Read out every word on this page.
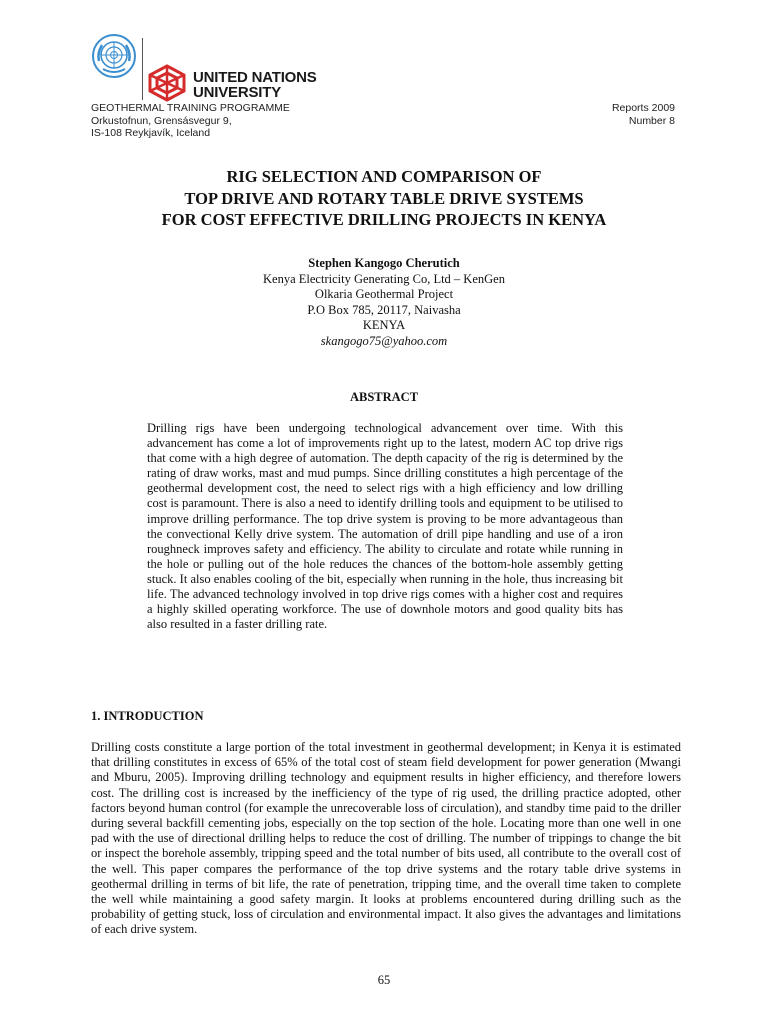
UNITED NATIONS
UNIVERSITY
GEOTHERMAL TRAINING PROGRAMME
Orkustofnun, Grensásvegur 9,
IS-108 Reykjavík, Iceland
Reports 2009
Number 8
RIG SELECTION AND COMPARISON OF
TOP DRIVE AND ROTARY TABLE DRIVE SYSTEMS
FOR COST EFFECTIVE DRILLING PROJECTS IN KENYA
Stephen Kangogo Cherutich
Kenya Electricity Generating Co, Ltd – KenGen
Olkaria Geothermal Project
P.O Box 785, 20117, Naivasha
KENYA
skangogo75@yahoo.com
ABSTRACT
Drilling rigs have been undergoing technological advancement over time. With this advancement has come a lot of improvements right up to the latest, modern AC top drive rigs that come with a high degree of automation. The depth capacity of the rig is determined by the rating of draw works, mast and mud pumps. Since drilling constitutes a high percentage of the geothermal development cost, the need to select rigs with a high efficiency and low drilling cost is paramount. There is also a need to identify drilling tools and equipment to be utilised to improve drilling performance. The top drive system is proving to be more advantageous than the convectional Kelly drive system. The automation of drill pipe handling and use of a iron roughneck improves safety and efficiency. The ability to circulate and rotate while running in the hole or pulling out of the hole reduces the chances of the bottom-hole assembly getting stuck. It also enables cooling of the bit, especially when running in the hole, thus increasing bit life. The advanced technology involved in top drive rigs comes with a higher cost and requires a highly skilled operating workforce. The use of downhole motors and good quality bits has also resulted in a faster drilling rate.
1. INTRODUCTION
Drilling costs constitute a large portion of the total investment in geothermal development; in Kenya it is estimated that drilling constitutes in excess of 65% of the total cost of steam field development for power generation (Mwangi and Mburu, 2005). Improving drilling technology and equipment results in higher efficiency, and therefore lowers cost. The drilling cost is increased by the inefficiency of the type of rig used, the drilling practice adopted, other factors beyond human control (for example the unrecoverable loss of circulation), and standby time paid to the driller during several backfill cementing jobs, especially on the top section of the hole. Locating more than one well in one pad with the use of directional drilling helps to reduce the cost of drilling. The number of trippings to change the bit or inspect the borehole assembly, tripping speed and the total number of bits used, all contribute to the overall cost of the well. This paper compares the performance of the top drive systems and the rotary table drive systems in geothermal drilling in terms of bit life, the rate of penetration, tripping time, and the overall time taken to complete the well while maintaining a good safety margin. It looks at problems encountered during drilling such as the probability of getting stuck, loss of circulation and environmental impact. It also gives the advantages and limitations of each drive system.
65
